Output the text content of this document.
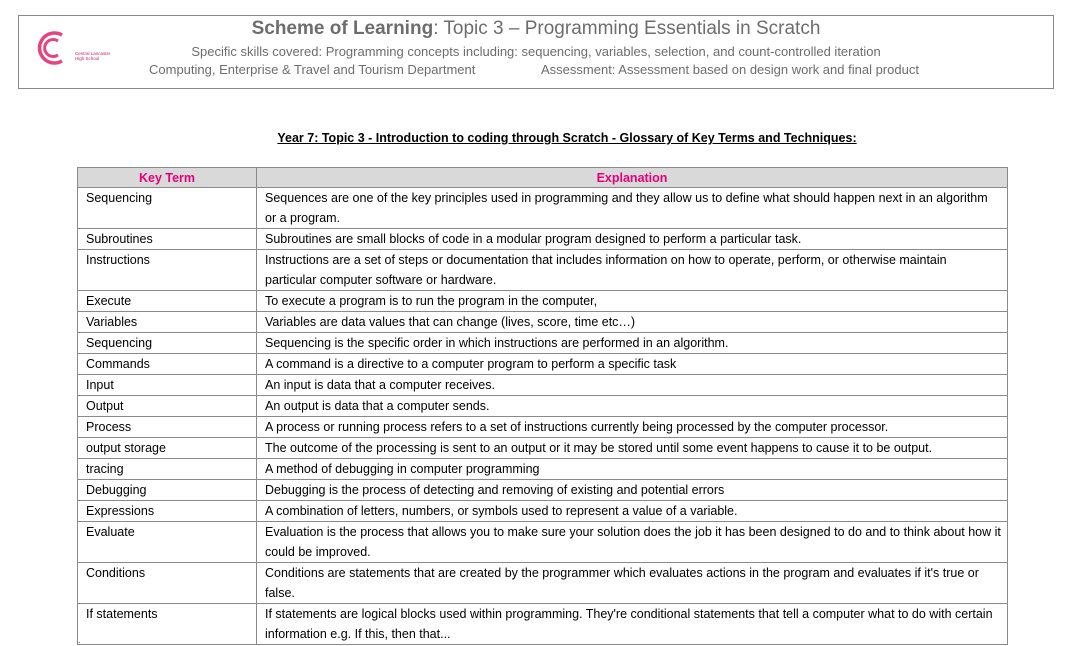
Central Lancaster High School
Scheme of Learning: Topic 3 – Programming Essentials in Scratch
Specific skills covered: Programming concepts including: sequencing, variables, selection, and count-controlled iteration
Computing, Enterprise & Travel and Tourism Department	Assessment: Assessment based on design work and final product
Year 7: Topic 3 - Introduction to coding through Scratch - Glossary of Key Terms and Techniques:
Key Term	Explanation
Sequencing	Sequences are one of the key principles used in programming and they allow us to define what should happen next in an algorithm or a program.
Subroutines	Subroutines are small blocks of code in a modular program designed to perform a particular task.
Instructions	Instructions are a set of steps or documentation that includes information on how to operate, perform, or otherwise maintain particular computer software or hardware.
Execute	To execute a program is to run the program in the computer,
Variables	Variables are data values that can change (lives, score, time etc…)
Sequencing	Sequencing is the specific order in which instructions are performed in an algorithm.
Commands	A command is a directive to a computer program to perform a specific task
Input	An input is data that a computer receives.
Output	An output is data that a computer sends.
Process	A process or running process refers to a set of instructions currently being processed by the computer processor.
output storage	The outcome of the processing is sent to an output or it may be stored until some event happens to cause it to be output.
tracing	A method of debugging in computer programming
Debugging	Debugging is the process of detecting and removing of existing and potential errors
Expressions	A combination of letters, numbers, or symbols used to represent a value of a variable.
Evaluate	Evaluation is the process that allows you to make sure your solution does the job it has been designed to do and to think about how it could be improved.
Conditions	Conditions are statements that are created by the programmer which evaluates actions in the program and evaluates if it's true or false.
If statements	If statements are logical blocks used within programming. They're conditional statements that tell a computer what to do with certain information e.g. If this, then that...
.
